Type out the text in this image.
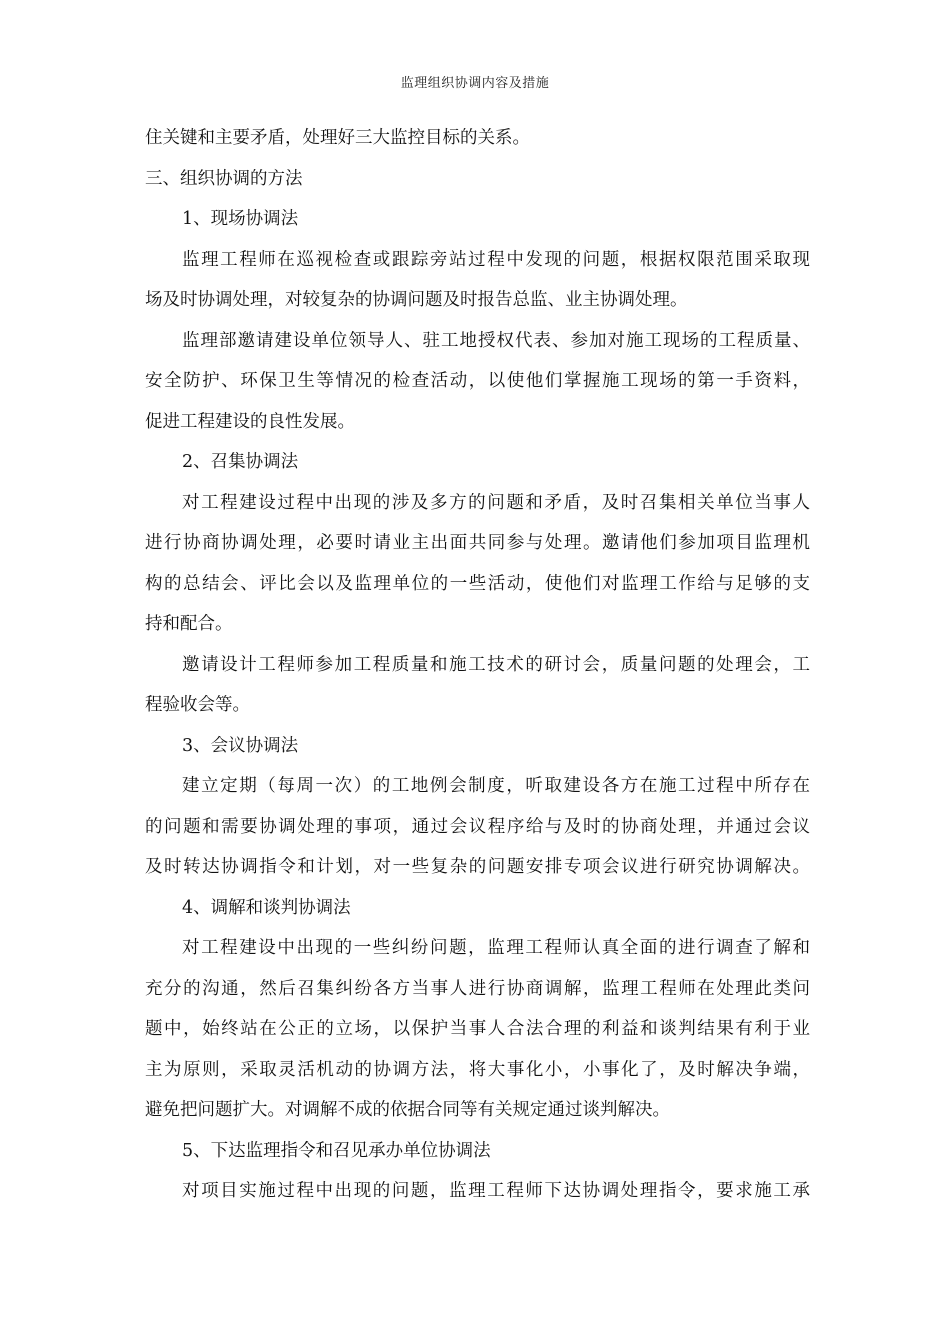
监理组织协调内容及措施
住关键和主要矛盾，处理好三大监控目标的关系。
三、组织协调的方法
1、现场协调法
监理工程师在巡视检查或跟踪旁站过程中发现的问题，根据权限范围采取现
场及时协调处理，对较复杂的协调问题及时报告总监、业主协调处理。
监理部邀请建设单位领导人、驻工地授权代表、参加对施工现场的工程质量、
安全防护、环保卫生等情况的检查活动，以使他们掌握施工现场的第一手资料，
促进工程建设的良性发展。
2、召集协调法
对工程建设过程中出现的涉及多方的问题和矛盾，及时召集相关单位当事人
进行协商协调处理，必要时请业主出面共同参与处理。邀请他们参加项目监理机
构的总结会、评比会以及监理单位的一些活动，使他们对监理工作给与足够的支
持和配合。
邀请设计工程师参加工程质量和施工技术的研讨会，质量问题的处理会，工
程验收会等。
3、会议协调法
建立定期（每周一次）的工地例会制度，听取建设各方在施工过程中所存在
的问题和需要协调处理的事项，通过会议程序给与及时的协商处理，并通过会议
及时转达协调指令和计划，对一些复杂的问题安排专项会议进行研究协调解决。
4、调解和谈判协调法
对工程建设中出现的一些纠纷问题，监理工程师认真全面的进行调查了解和
充分的沟通，然后召集纠纷各方当事人进行协商调解，监理工程师在处理此类问
题中，始终站在公正的立场，以保护当事人合法合理的利益和谈判结果有利于业
主为原则，采取灵活机动的协调方法，将大事化小，小事化了，及时解决争端，
避免把问题扩大。对调解不成的依据合同等有关规定通过谈判解决。
5、下达监理指令和召见承办单位协调法
对项目实施过程中出现的问题，监理工程师下达协调处理指令，要求施工承
